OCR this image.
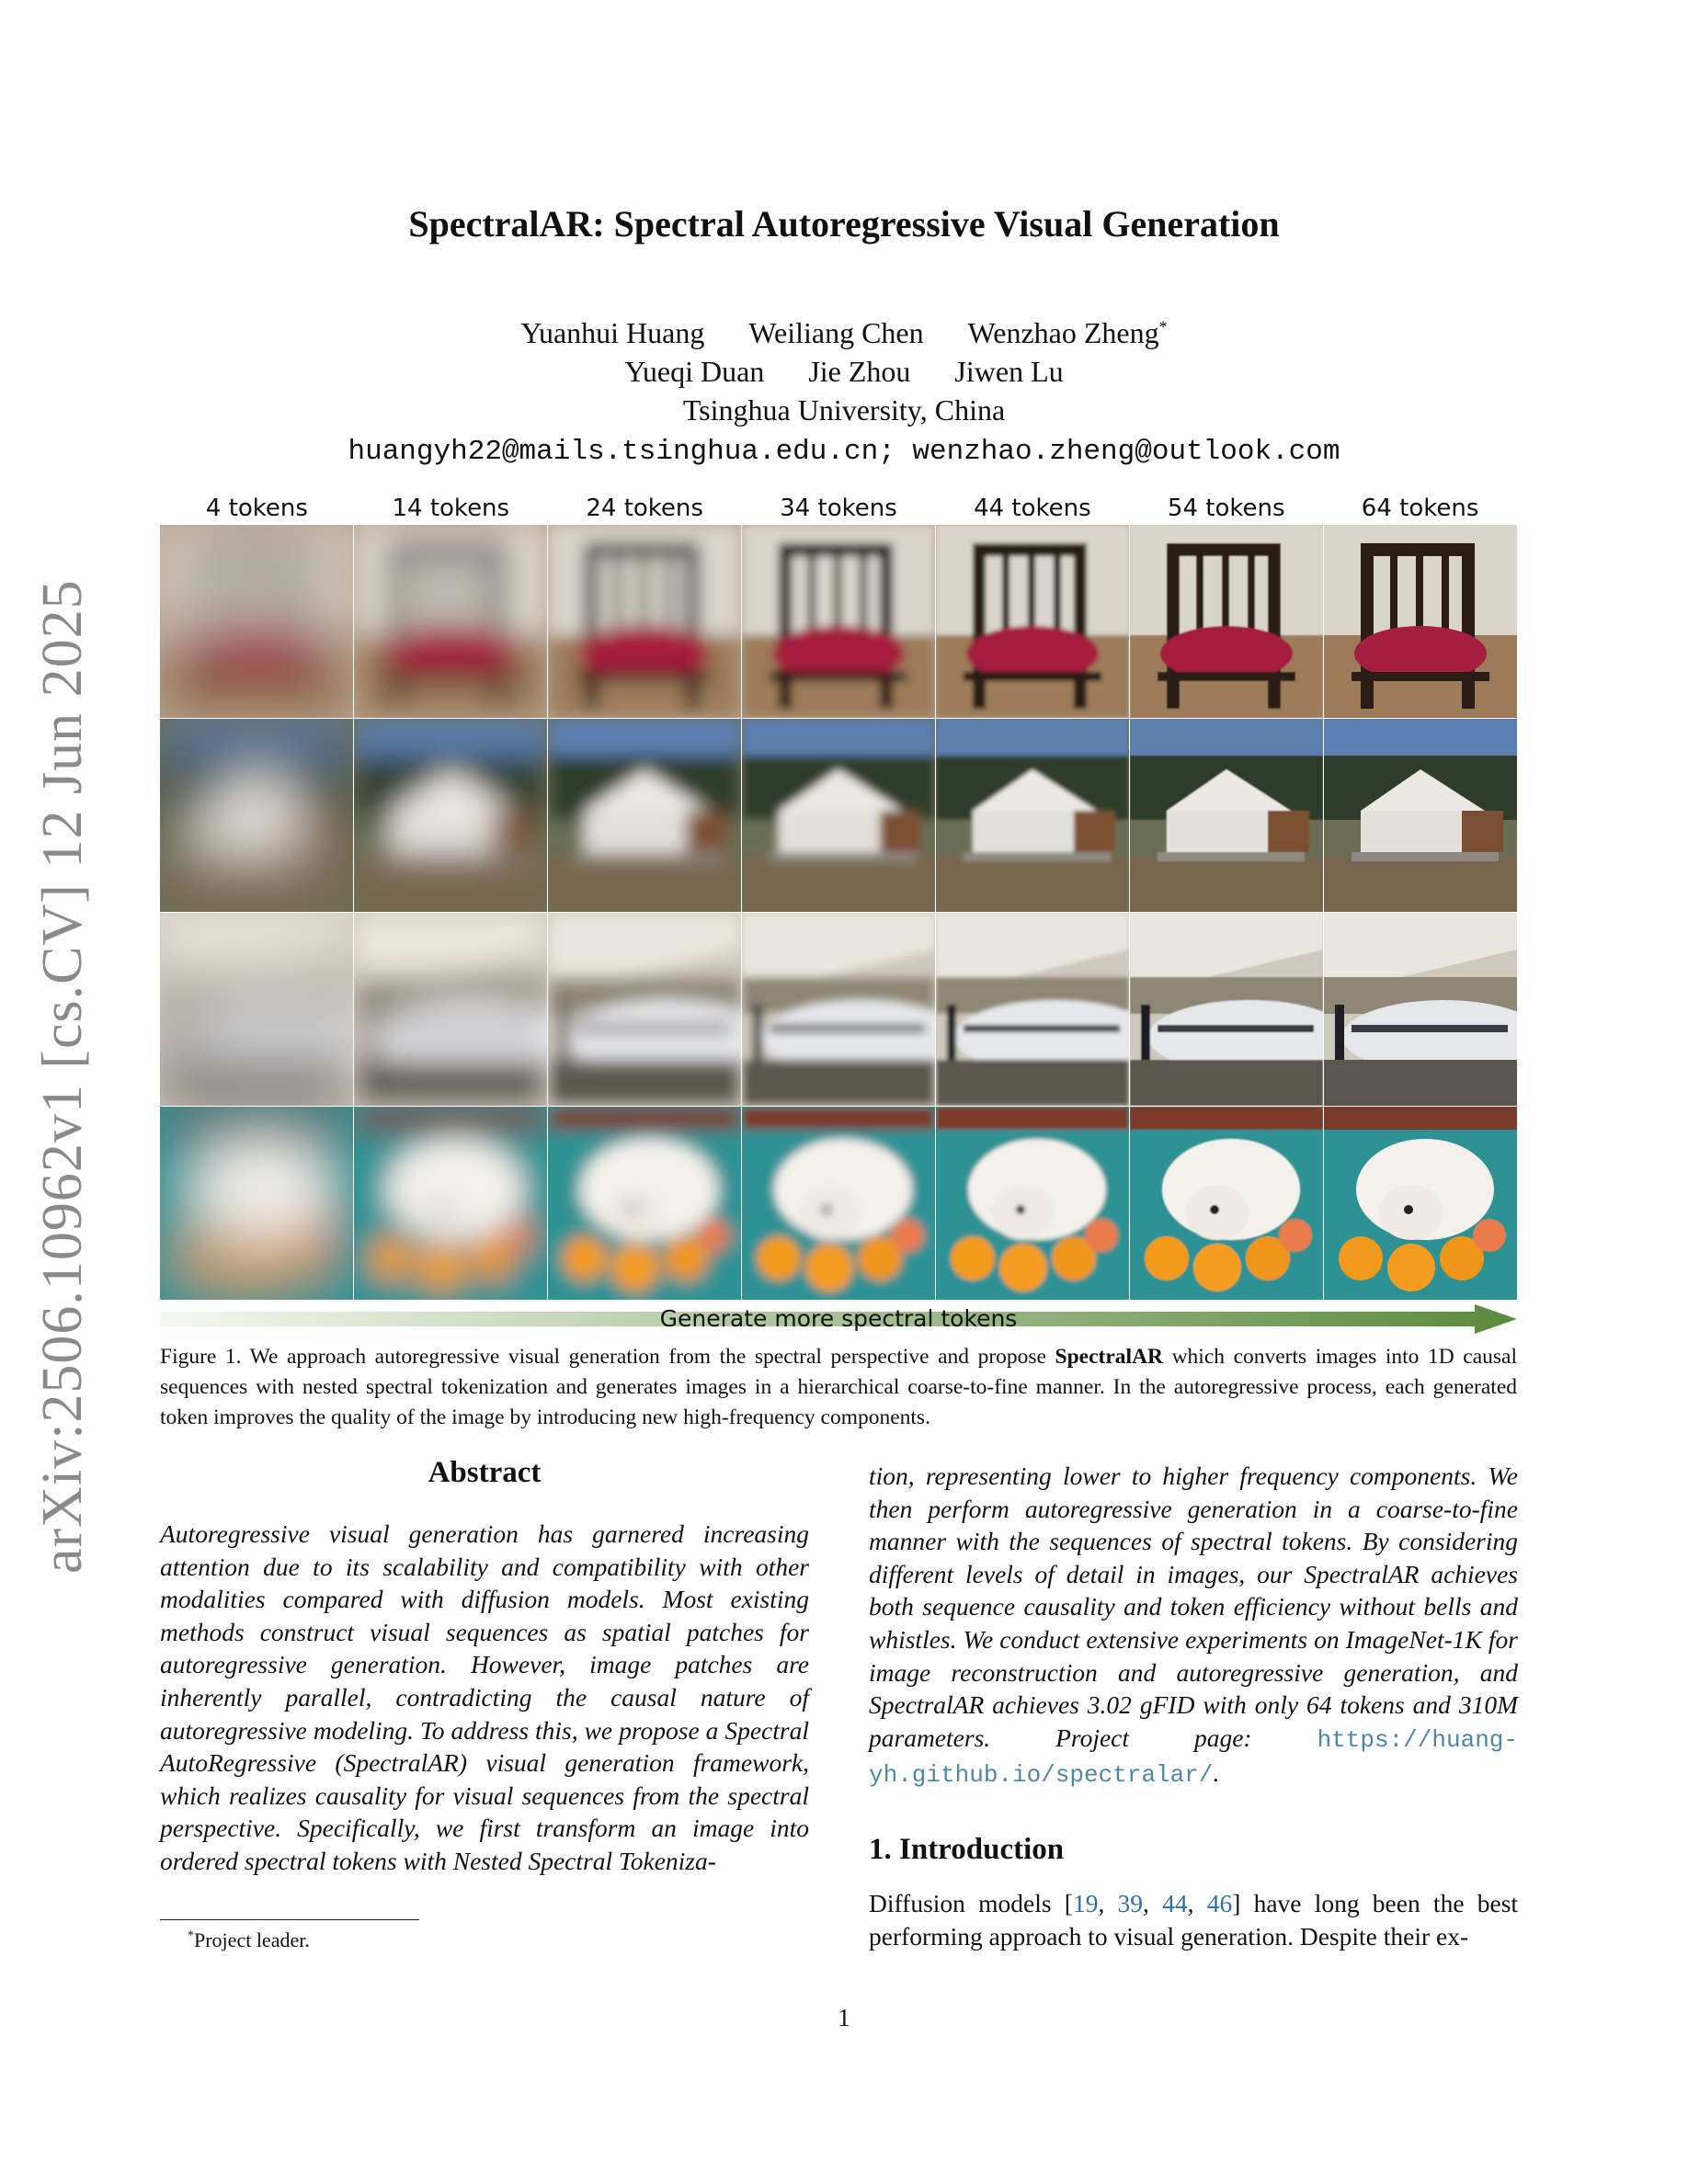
arXiv:2506.10962v1 [cs.CV] 12 Jun 2025
SpectralAR: Spectral Autoregressive Visual Generation
Yuanhui Huang Weiliang Chen Wenzhao Zheng*
Yueqi Duan Jie Zhou Jiwen Lu
Tsinghua University, China
huangyh22@mails.tsinghua.edu.cn; wenzhao.zheng@outlook.com
4 tokens	14 tokens	24 tokens	34 tokens	44 tokens	54 tokens	64 tokens
Generate more spectral tokens

Figure 1. We approach autoregressive visual generation from the spectral perspective and propose SpectralAR which converts images into 1D causal sequences with nested spectral tokenization and generates images in a hierarchical coarse-to-fine manner. In the autoregressive process, each generated token improves the quality of the image by introducing new high-frequency components.

Abstract

Autoregressive visual generation has garnered increasing attention due to its scalability and compatibility with other modalities compared with diffusion models. Most existing methods construct visual sequences as spatial patches for autoregressive generation. However, image patches are inherently parallel, contradicting the causal nature of autoregressive modeling. To address this, we propose a Spectral AutoRegressive (SpectralAR) visual generation framework, which realizes causality for visual sequences from the spectral perspective. Specifically, we first transform an image into ordered spectral tokens with Nested Spectral Tokeniza-

tion, representing lower to higher frequency components. We then perform autoregressive generation in a coarse-to-fine manner with the sequences of spectral tokens. By considering different levels of detail in images, our SpectralAR achieves both sequence causality and token efficiency without bells and whistles. We conduct extensive experiments on ImageNet-1K for image reconstruction and autoregressive generation, and SpectralAR achieves 3.02 gFID with only 64 tokens and 310M parameters. Project page: https://huang-yh.github.io/spectralar/.

1. Introduction

Diffusion models [19, 39, 44, 46] have long been the best performing approach to visual generation. Despite their ex-

*Project leader.
1
